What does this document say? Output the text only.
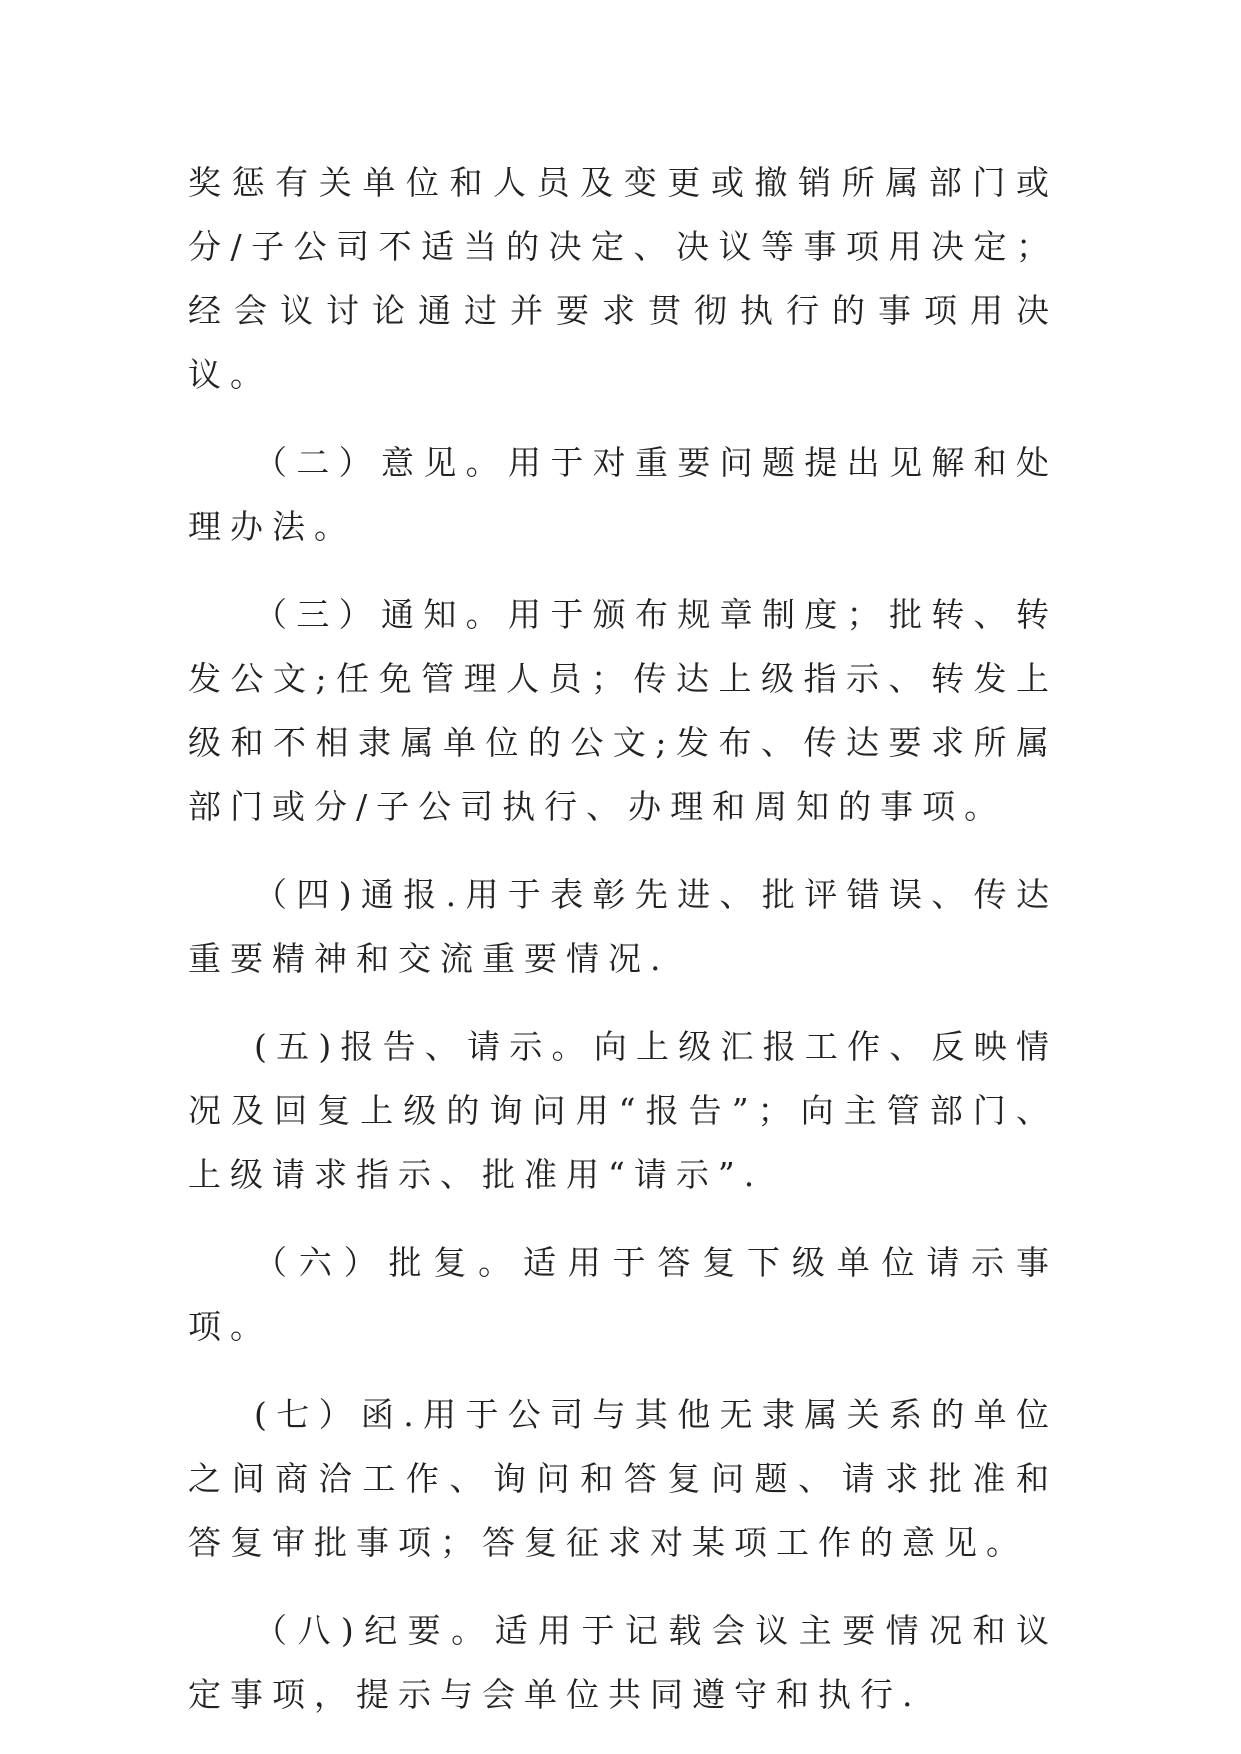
奖惩有关单位和人员及变更或撤销所属部门或分/子公司不适当的决定、决议等事项用决定；经会议讨论通过并要求贯彻执行的事项用决议。

（二）意见。用于对重要问题提出见解和处理办法。

（三）通知。用于颁布规章制度；批转、转发公文;任免管理人员；传达上级指示、转发上级和不相隶属单位的公文;发布、传达要求所属部门或分/子公司执行、办理和周知的事项。

（四)通报.用于表彰先进、批评错误、传达重要精神和交流重要情况.

(五)报告、请示。向上级汇报工作、反映情况及回复上级的询问用“报告”；向主管部门、上级请求指示、批准用“请示”.

（六）批复。适用于答复下级单位请示事项。

(七）函.用于公司与其他无隶属关系的单位之间商洽工作、询问和答复问题、请求批准和答复审批事项；答复征求对某项工作的意见。

（八)纪要。适用于记载会议主要情况和议定事项，提示与会单位共同遵守和执行.
